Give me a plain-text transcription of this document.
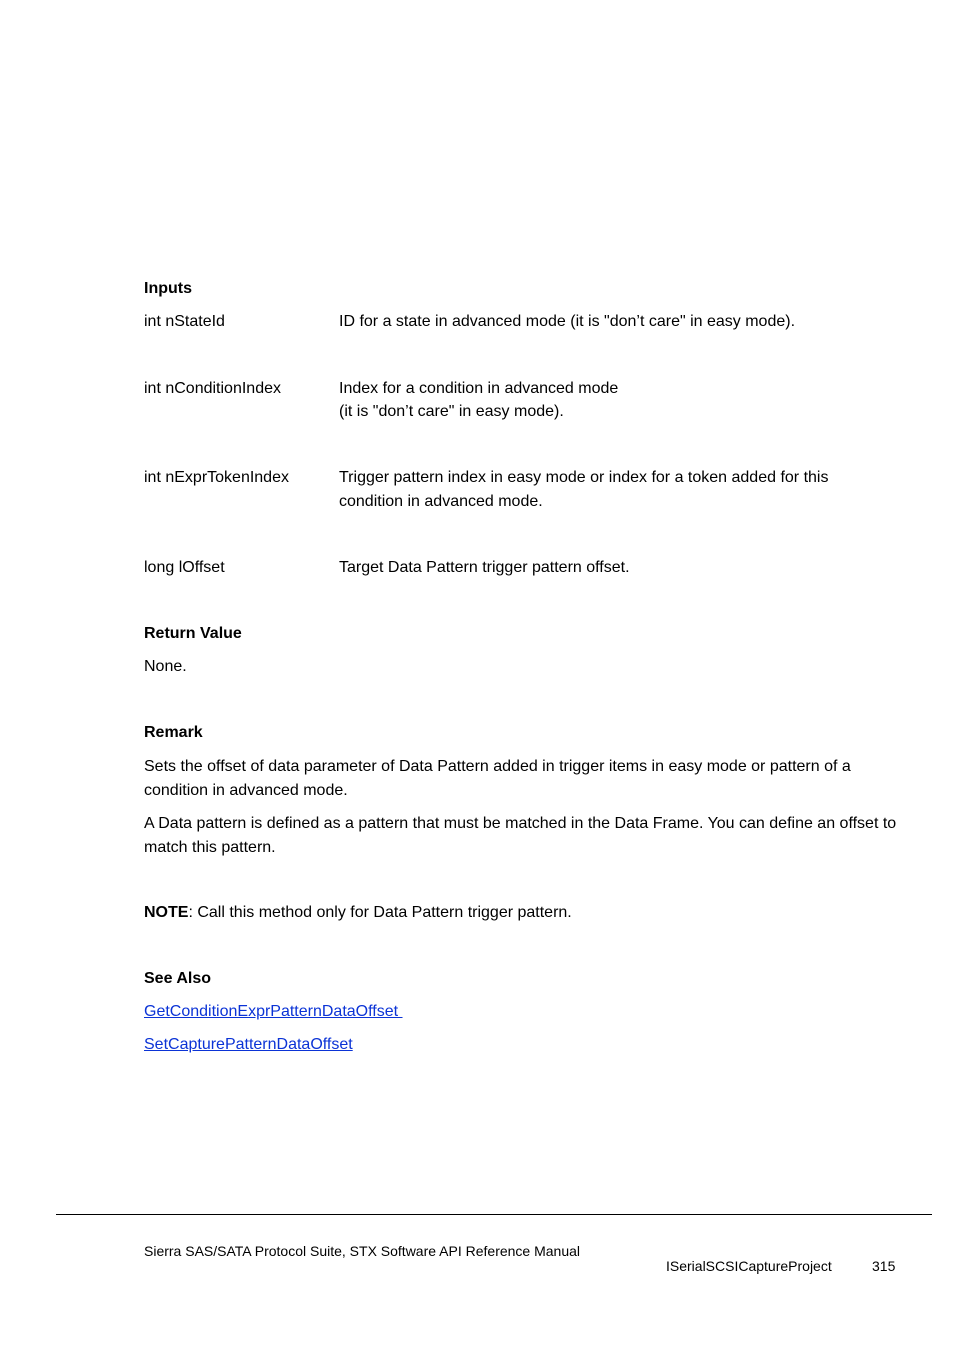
Inputs
int nStateId	ID for a state in advanced mode (it is "don’t care" in easy mode).
int nConditionIndex	Index for a condition in advanced mode
(it is "don’t care" in easy mode).
int nExprTokenIndex	Trigger pattern index in easy mode or index for a token added for this
condition in advanced mode.
long lOffset	Target Data Pattern trigger pattern offset.
Return Value
None.
Remark
Sets the offset of data parameter of Data Pattern added in trigger items in easy mode or pattern of a condition in advanced mode.
A Data pattern is defined as a pattern that must be matched in the Data Frame. You can define an offset to match this pattern.
NOTE: Call this method only for Data Pattern trigger pattern.
See Also
GetConditionExprPatternDataOffset
SetCapturePatternDataOffset
Sierra SAS/SATA Protocol Suite, STX Software API Reference Manual
ISerialSCSICaptureProject	315
